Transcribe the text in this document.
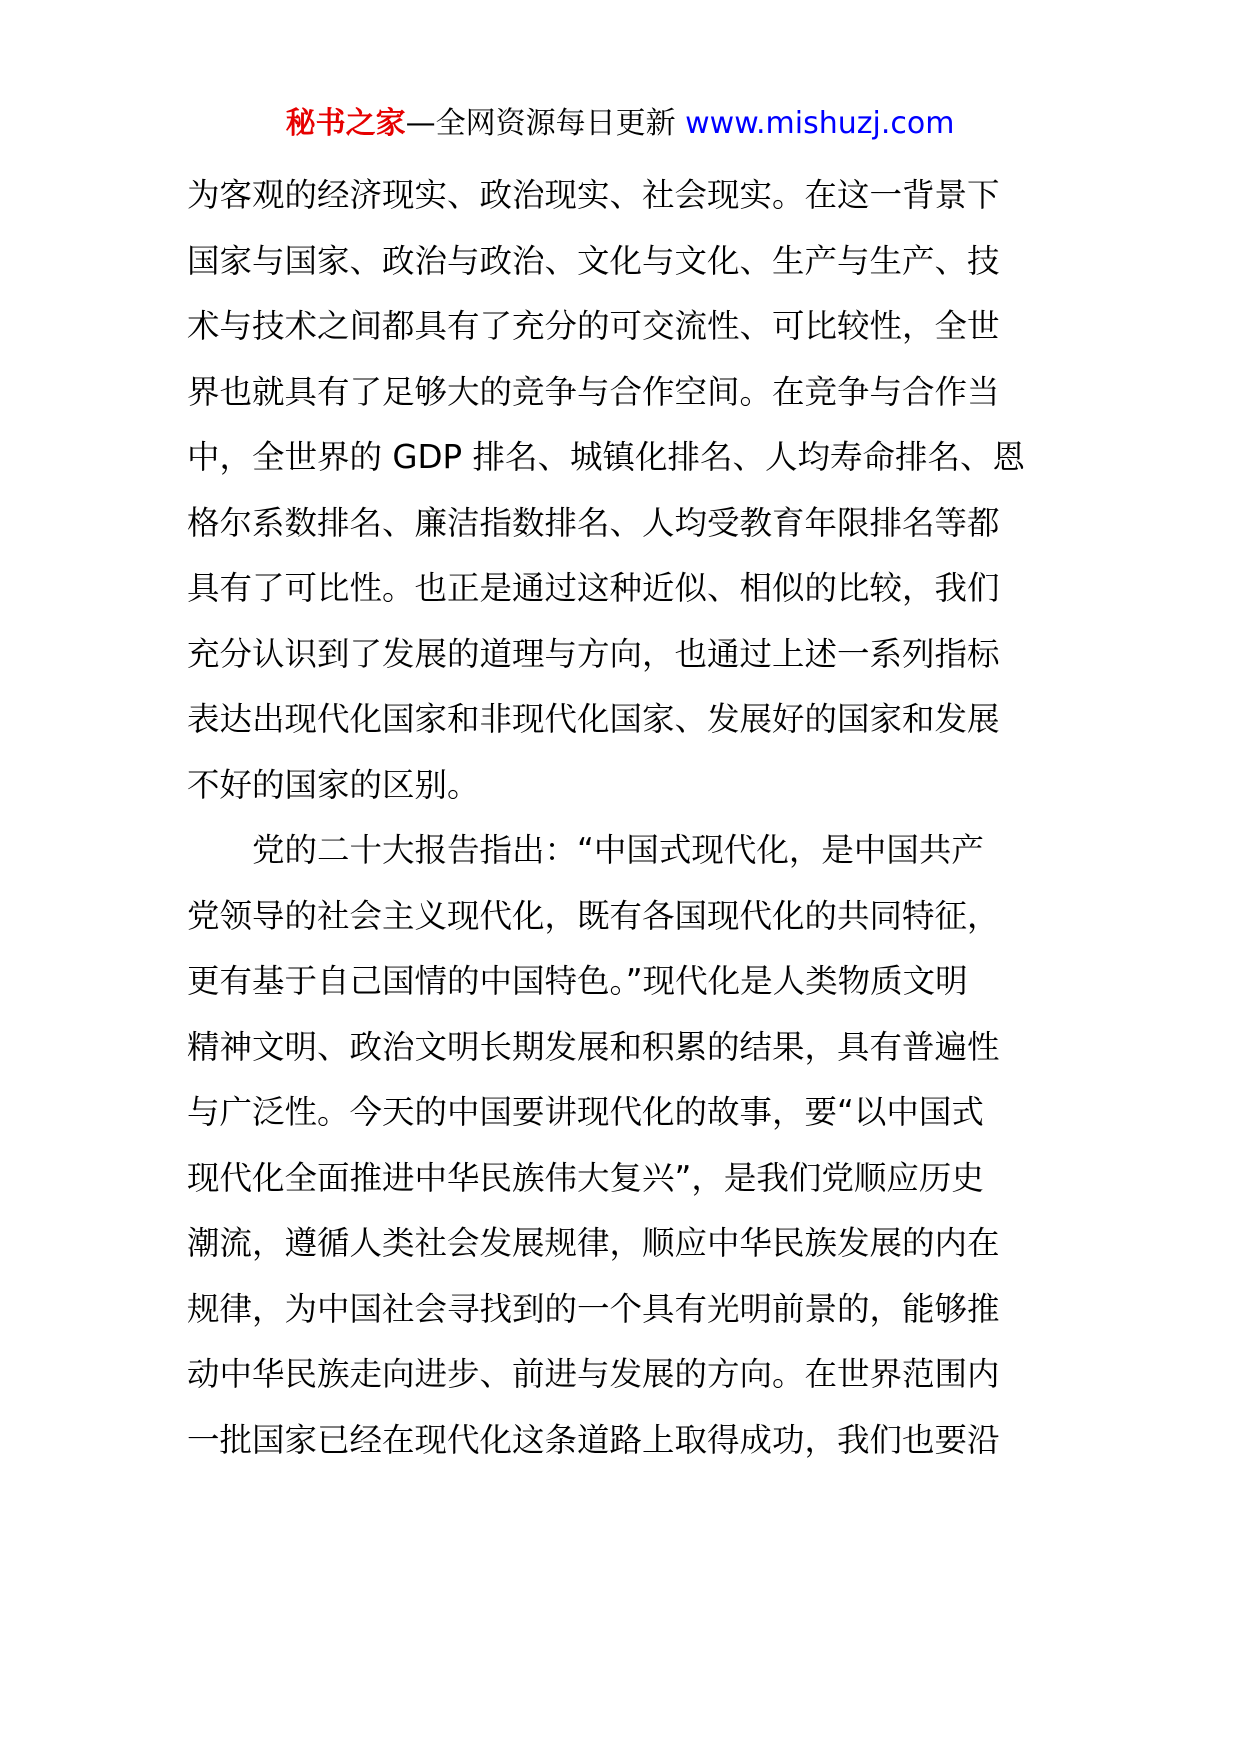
秘书之家—全网资源每日更新 www.mishuzj.com
为客观的经济现实、政治现实、社会现实。在这一背景下
国家与国家、政治与政治、文化与文化、生产与生产、技
术与技术之间都具有了充分的可交流性、可比较性，全世
界也就具有了足够大的竞争与合作空间。在竞争与合作当
中，全世界的 GDP 排名、城镇化排名、人均寿命排名、恩
格尔系数排名、廉洁指数排名、人均受教育年限排名等都
具有了可比性。也正是通过这种近似、相似的比较，我们
充分认识到了发展的道理与方向，也通过上述一系列指标
表达出现代化国家和非现代化国家、发展好的国家和发展
不好的国家的区别。
　　党的二十大报告指出：“中国式现代化，是中国共产
党领导的社会主义现代化，既有各国现代化的共同特征，
更有基于自己国情的中国特色。”现代化是人类物质文明
精神文明、政治文明长期发展和积累的结果，具有普遍性
与广泛性。今天的中国要讲现代化的故事，要“以中国式
现代化全面推进中华民族伟大复兴”，是我们党顺应历史
潮流，遵循人类社会发展规律，顺应中华民族发展的内在
规律，为中国社会寻找到的一个具有光明前景的，能够推
动中华民族走向进步、前进与发展的方向。在世界范围内
一批国家已经在现代化这条道路上取得成功，我们也要沿
